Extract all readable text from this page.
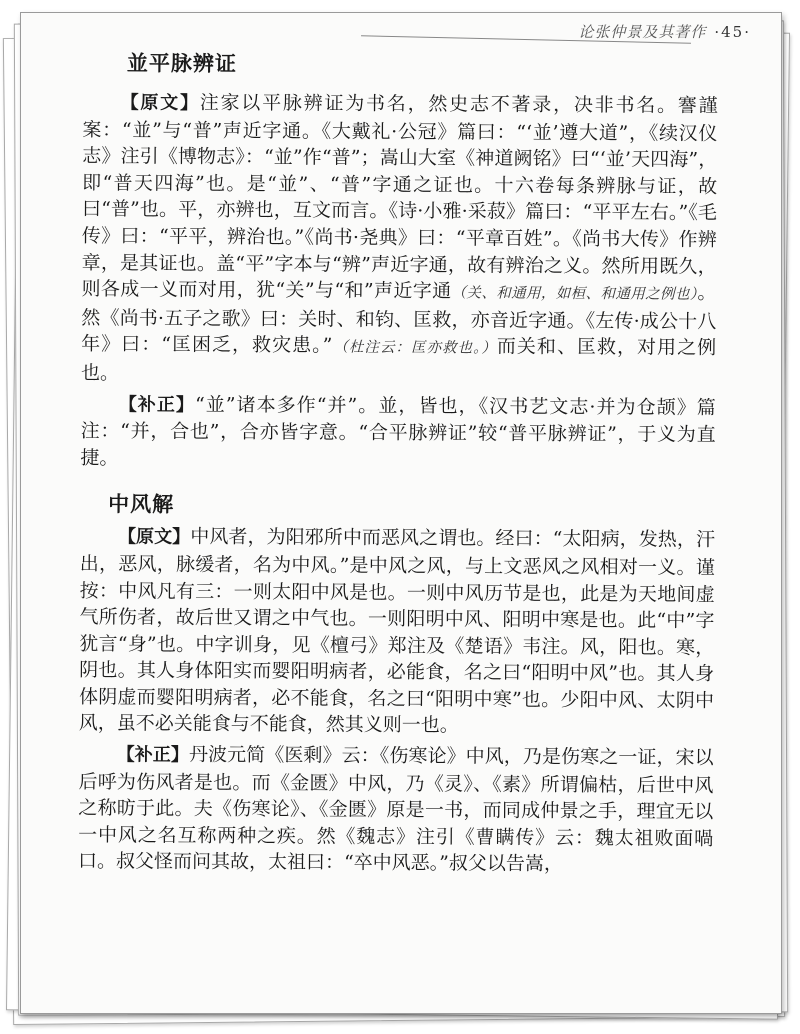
论张仲景及其著作 ·45·
並平脉辨证

【原文】注家以平脉辨证为书名，然史志不著录，决非书名。謇謹案：“並”与“普”声近字通。《大戴礼·公冠》篇曰：“‘並’遵大道”，《续汉仪志》注引《博物志》：“並”作“普”；嵩山大室《神道阙铭》曰“‘並’天四海”，即“普天四海”也。是“並”、“普”字通之证也。十六卷每条辨脉与证，故曰“普”也。平，亦辨也，互文而言。《诗·小雅·采菽》篇曰：“平平左右。”《毛传》曰：“平平，辨治也。”《尚书·尧典》曰：“平章百姓”。《尚书大传》作辨章，是其证也。盖“平”字本与“辨”声近字通，故有辨治之义。然所用既久，则各成一义而对用，犹“关”与“和”声近字通（关、和通用，如桓、和通用之例也）。然《尚书·五子之歌》曰：关时、和钧、匡救，亦音近字通。《左传·成公十八年》曰：“匡困乏，救灾患。”（杜注云：匡亦救也。）而关和、匡救，对用之例也。

【补正】“並”诸本多作“并”。並，皆也，《汉书艺文志·并为仓颉》篇注：“并，合也”，合亦皆字意。“合平脉辨证”较“普平脉辨证”，于义为直捷。

中风解

【原文】中风者，为阳邪所中而恶风之谓也。经曰：“太阳病，发热，汗出，恶风，脉缓者，名为中风。”是中风之风，与上文恶风之风相对一义。谨按：中风凡有三：一则太阳中风是也。一则中风历节是也，此是为天地间虚气所伤者，故后世又谓之中气也。一则阳明中风、阳明中寒是也。此“中”字犹言“身”也。中字训身，见《檀弓》郑注及《楚语》韦注。风，阳也。寒，阴也。其人身体阳实而婴阳明病者，必能食，名之曰“阳明中风”也。其人身体阴虚而婴阳明病者，必不能食，名之曰“阳明中寒”也。少阳中风、太阴中风，虽不必关能食与不能食，然其义则一也。

【补正】丹波元简《医剩》云：《伤寒论》中风，乃是伤寒之一证，宋以后呼为伤风者是也。而《金匮》中风，乃《灵》、《素》所谓偏枯，后世中风之称昉于此。夫《伤寒论》、《金匮》原是一书，而同成仲景之手，理宜无以一中风之名互称两种之疾。然《魏志》注引《曹瞒传》云：魏太祖败面喎口。叔父怪而问其故，太祖曰：“卒中风恶。”叔父以告嵩，
